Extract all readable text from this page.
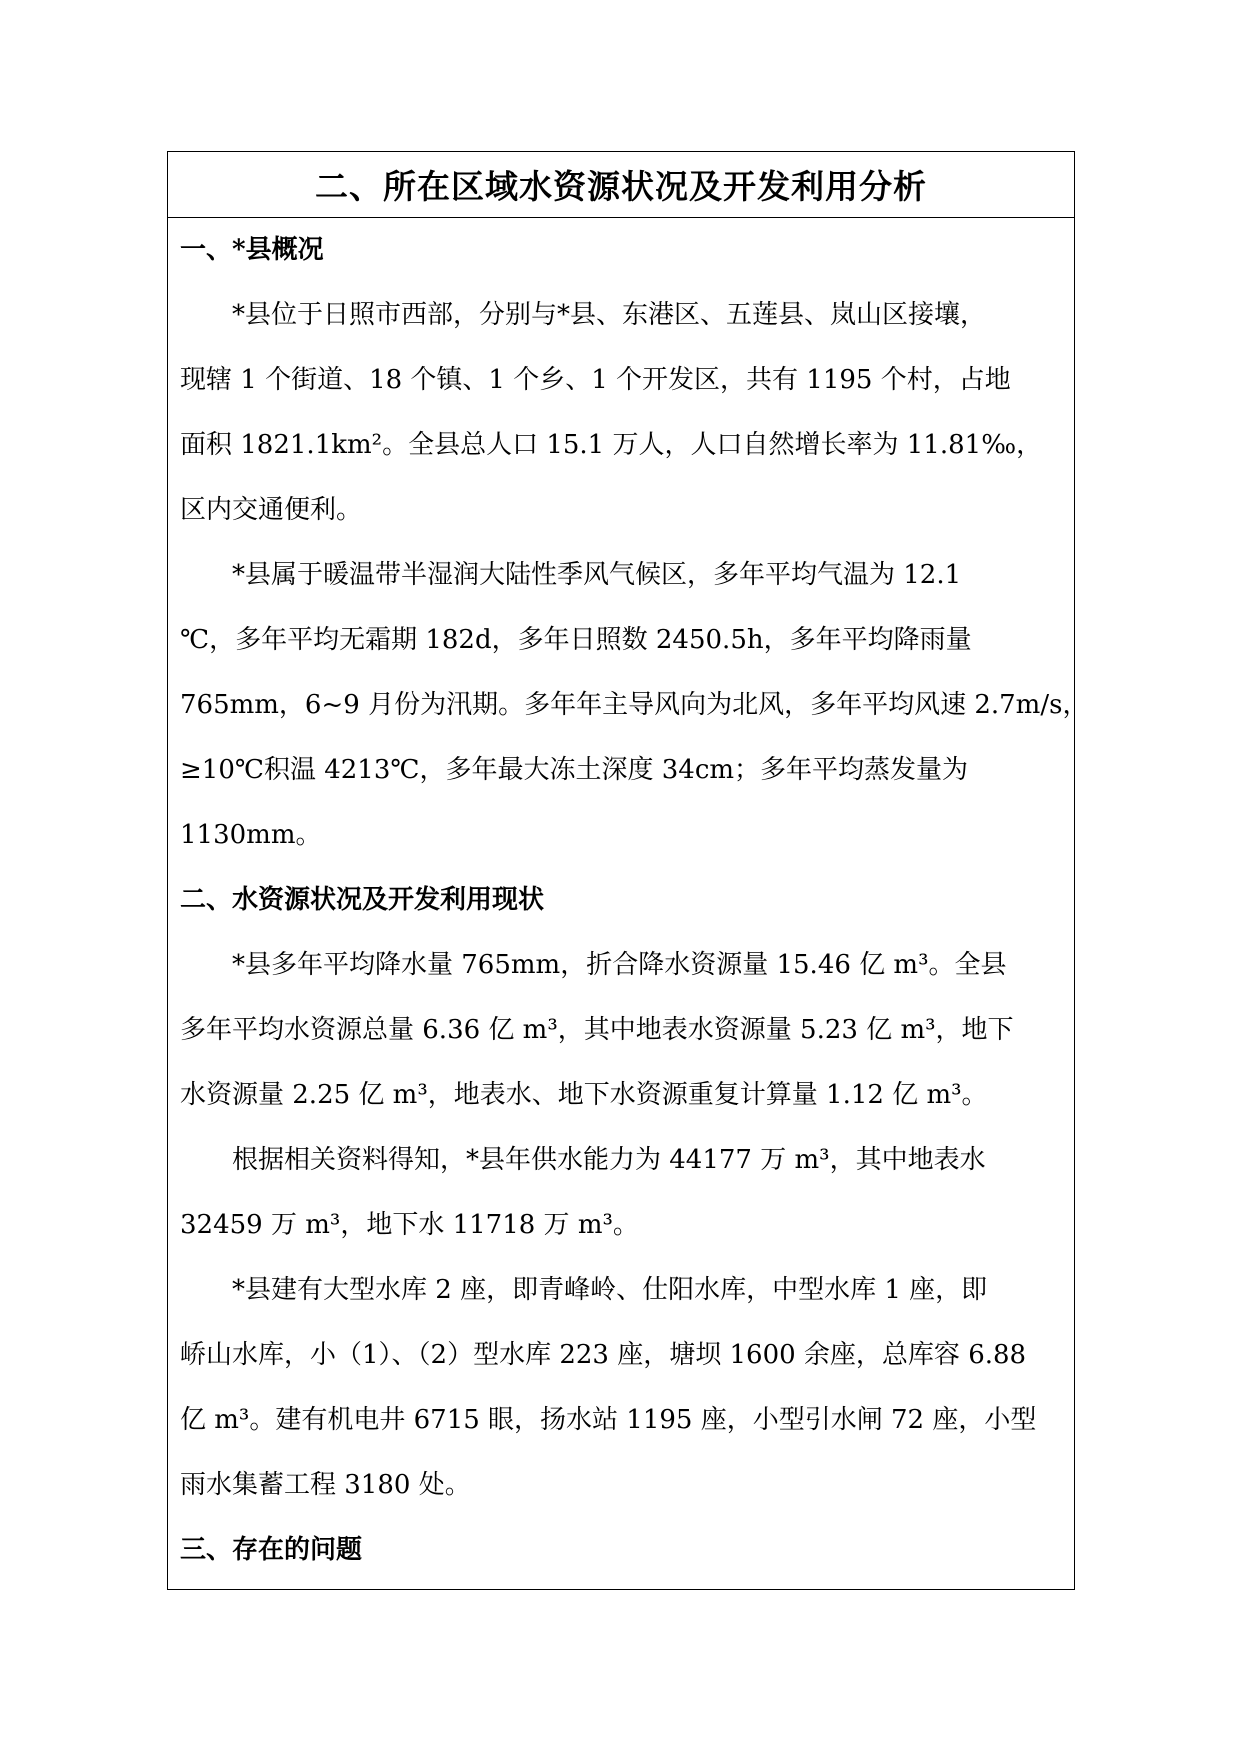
二、所在区域水资源状况及开发利用分析

一、*县概况

*县位于日照市西部，分别与*县、东港区、五莲县、岚山区接壤，
现辖 1 个街道、18 个镇、1 个乡、1 个开发区，共有 1195 个村，占地
面积 1821.1km²。全县总人口 15.1 万人，人口自然增长率为 11.81‰，
区内交通便利。
*县属于暖温带半湿润大陆性季风气候区，多年平均气温为 12.1
℃，多年平均无霜期 182d，多年日照数 2450.5h，多年平均降雨量
765mm，6~9 月份为汛期。多年年主导风向为北风，多年平均风速 2.7m/s，
≥10℃积温 4213℃，多年最大冻土深度 34cm；多年平均蒸发量为
1130mm。

二、水资源状况及开发利用现状

*县多年平均降水量 765mm，折合降水资源量 15.46 亿 m³。全县
多年平均水资源总量 6.36 亿 m³，其中地表水资源量 5.23 亿 m³，地下
水资源量 2.25 亿 m³，地表水、地下水资源重复计算量 1.12 亿 m³。
根据相关资料得知，*县年供水能力为 44177 万 m³，其中地表水
32459 万 m³，地下水 11718 万 m³。
*县建有大型水库 2 座，即青峰岭、仕阳水库，中型水库 1 座，即
峤山水库，小（1）、（2）型水库 223 座，塘坝 1600 余座，总库容 6.88
亿 m³。建有机电井 6715 眼，扬水站 1195 座，小型引水闸 72 座，小型
雨水集蓄工程 3180 处。

三、存在的问题
